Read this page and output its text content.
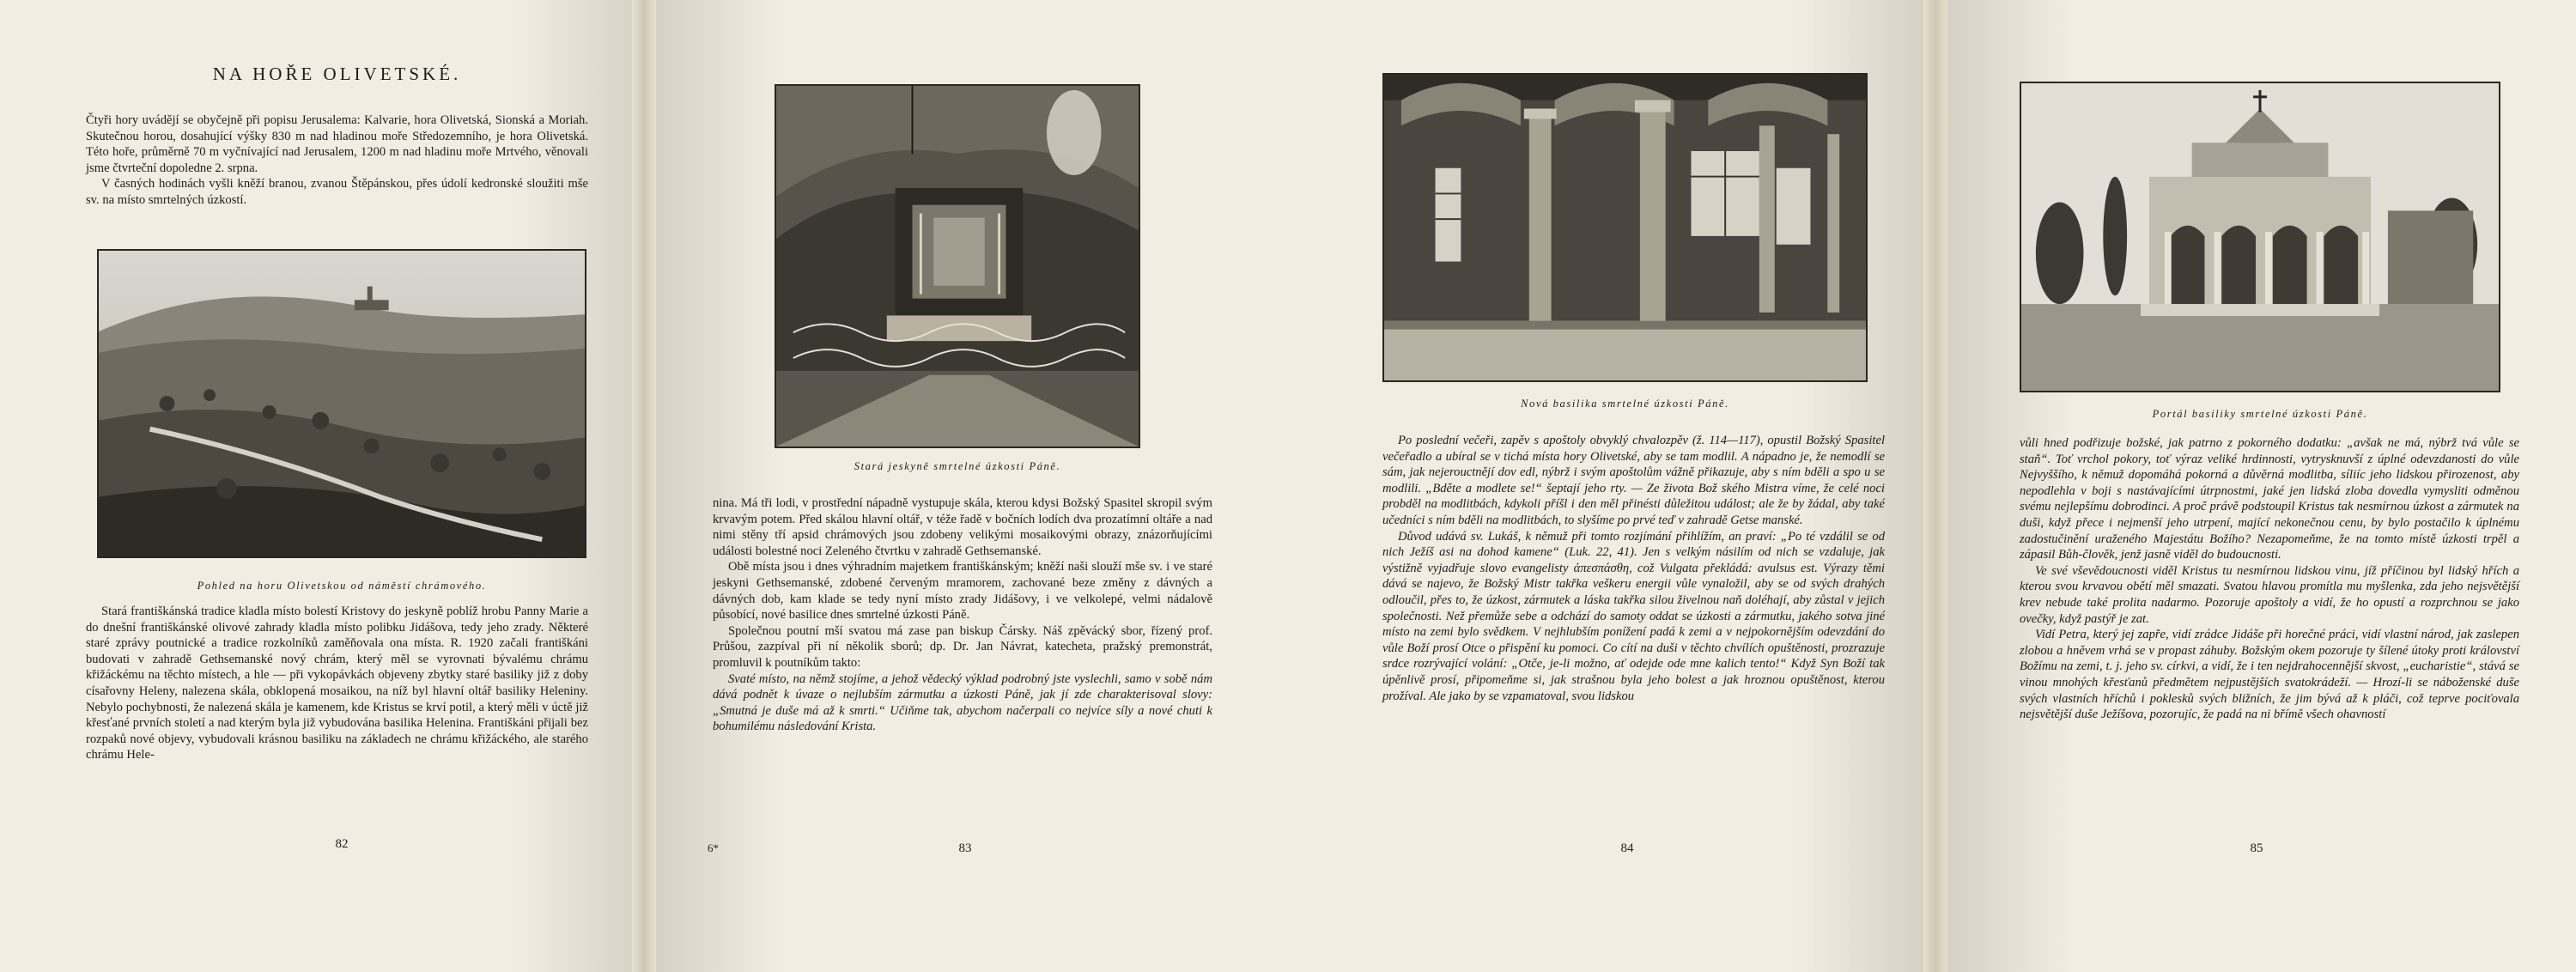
NA HOŘE OLIVETSKÉ.

Čtyři hory uvádějí se obyčejně při popisu Jerusalema: Kalvarie, hora Olivetská, Sionská a Moriah. Skutečnou horou, dosahující výšky 830 m nad hladinou moře Středozemního, je hora Olivetská. Této hoře, průměrně 70 m vyčnívající nad Jerusalem, 1200 m nad hladinu moře Mrtvého, věnovali jsme čtvrteční dopoledne 2. srpna.

V časných hodinách vyšli kněží branou, zvanou Štěpánskou, přes údolí kedronské sloužiti mše sv. na místo smrtelných úzkostí.

Pohled na horu Olivetskou od náměstí chrámového.

Stará františkánská tradice kladla místo bolestí Kristovy do jeskyně poblíž hrobu Panny Marie a do dnešní františkánské olivové zahrady kladla místo polibku Jidášova, tedy jeho zrady. Některé staré zprávy poutnické a tradice rozkolníků zaměňovala ona místa. R. 1920 začali františkáni budovati v zahradě Gethsemanské nový chrám, který měl se vyrovnati bývalému chrámu křižáckému na těchto místech, a hle — při vykopávkách objeveny zbytky staré basiliky již z doby císařovny Heleny, nalezena skála, obklopená mosaikou, na níž byl hlavní oltář basiliky Heleniny. Nebylo pochybnosti, že nalezená skála je kamenem, kde Kristus se krví potil, a který měli v úctě již křesťané prvních století a nad kterým byla již vybudována basilika Helenina. Františkáni přijali bez rozpaků nové objevy, vybudovali krásnou basiliku na základech ne chrámu křižáckého, ale starého chrámu Hele-

82
Stará jeskyně smrtelné úzkosti Páně.

nina. Má tři lodi, v prostřední nápadně vystupuje skála, kterou kdysi Božský Spasitel skropil svým krvavým potem. Před skálou hlavní oltář, v téže řadě v bočních lodích dva prozatímní oltáře a nad nimi stěny tří apsid chrámových jsou zdobeny velikými mosaikovými obrazy, znázorňujícími události bolestné noci Zeleného čtvrtku v zahradě Gethsemanské.

Obě místa jsou i dnes výhradním majetkem františkánským; kněží naši slouží mše sv. i ve staré jeskyni Gethsemanské, zdobené červeným mramorem, zachované beze změny z dávných a dávných dob, kam klade se tedy nyní místo zrady Jidášovy, i ve velkolepé, velmi nádalově působící, nové basilice dnes smrtelné úzkosti Páně.

Společnou poutní mší svatou má zase pan biskup Čársky. Náš zpěvácký sbor, řízený prof. Průšou, zazpíval při ní několik sborů; dp. Dr. Jan Návrat, katecheta, pražský premonstrát, promluvil k poutníkům takto:

Svaté místo, na němž stojíme, a jehož vědecký výklad podrobný jste vyslechli, samo v sobě nám dává podnět k úvaze o nejlubším zármutku a úzkosti Páně, jak jí zde charakterisoval slovy: „Smutná je duše má až k smrti.“ Učiňme tak, abychom načerpali co nejvíce síly a nové chuti k bohumilému následování Krista.

6*	83
Nová basilika smrtelné úzkosti Páně.

Po poslední večeři, zapěv s apoštoly obvyklý chvalozpěv (ž. 114—117), opustil Božský Spasitel večeřadlo a ubíral se v tichá místa hory Olivetské, aby se tam modlil. A nápadno je, že nemodlí se sám, jak nejerouctnějí dov edl, nýbrž i svým apoštolům vážně přikazuje, aby s ním bděli a spo u se modlili. „Bděte a modlete se!“ šeptají jeho rty. — Ze života Bož ského Mistra víme, že celé noci probděl na modlitbách, kdykoli příšl i den měl přinésti důležitou událost; ale že by žádal, aby také učedníci s ním bděli na modlitbách, to slyšíme po prvé teď v zahradě Getse manské.

Důvod udává sv. Lukáš, k němuž při tomto rozjímání přihlížím, an praví: „Po té vzdálil se od nich Ježíš asi na dohod kamene“ (Luk. 22, 41). Jen s velkým násilím od nich se vzdaluje, jak výstižně vyjadřuje slovo evangelisty ἀπεσπάσθη, což Vulgata překládá: avulsus est. Výrazy těmi dává se najevo, že Božský Mistr takřka veškeru energii vůle vynaložil, aby se od svých drahých odloučil, přes to, že úzkost, zármutek a láska takřka silou živelnou naň doléhají, aby zůstal v jejich společnosti. Než přemůže sebe a odchází do samoty oddat se úzkosti a zármutku, jakého sotva jiné místo na zemi bylo svědkem. V nejhlubším ponížení padá k zemi a v nejpokornějším odevzdání do vůle Boží prosí Otce o přispění ku pomoci. Co cítí na duši v těchto chvílích opuštěnosti, prozrazuje srdce rozrývající volání: „Otče, je-li možno, ať odejde ode mne kalich tento!“ Když Syn Boží tak úpěnlivě prosí, připomeňme si, jak strašnou byla jeho bolest a jak hroznou opuštěnost, kterou prožíval. Ale jako by se vzpamatoval, svou lidskou

84
Portál basiliky smrtelné úzkosti Páně.

vůli hned podřizuje božské, jak patrno z pokorného dodatku: „avšak ne má, nýbrž tvá vůle se staň“. Toť vrchol pokory, toť výraz veliké hrdinnosti, vytrysknuvší z úplné odevzdanosti do vůle Nejvyššího, k němuž dopomáhá pokorná a důvěrná modlitba, síliíc jeho lidskou přirozenost, aby nepodlehla v boji s nastávajícími útrpnostmi, jaké jen lidská zloba dovedla vymysliti odměnou svému nejlepšímu dobrodinci. A proč právě podstoupil Kristus tak nesmírnou úzkost a zármutek na duši, když přece i nejmenší jeho utrpení, mající nekonečnou cenu, by bylo postačilo k úplnému zadostučinění uraženého Majestátu Božího? Nezapomeňme, že na tomto místě úzkosti trpěl a zápasil Bůh-člověk, jenž jasně viděl do budoucnosti.

Ve své vševědoucnosti viděl Kristus tu nesmírnou lidskou vinu, jíž příčinou byl lidský hřích a kterou svou krvavou obětí měl smazati. Svatou hlavou promítla mu myšlenka, zda jeho nejsvětější krev nebude také prolita nadarmo. Pozoruje apoštoly a vidí, že ho opustí a rozprchnou se jako ovečky, když pastýř je zat.

Vidí Petra, který jej zapře, vidí zrádce Jidáše při horečné práci, vidí vlastní národ, jak zaslepen zlobou a hněvem vrhá se v propast záhuby. Božským okem pozoruje ty šílené útoky proti království Božímu na zemi, t. j. jeho sv. církvi, a vidí, že i ten nejdrahocennější skvost, „eucharistie“, stává se vinou mnohých křesťanů předmětem nejpustějších svatokrádeží. — Hrozí-li se náboženské duše svých vlastních hříchů i poklesků svých bližních, že jim bývá až k pláči, což teprve pociťovala nejsvětější duše Ježíšova, pozorujíc, že padá na ni břímě všech ohavností

85
